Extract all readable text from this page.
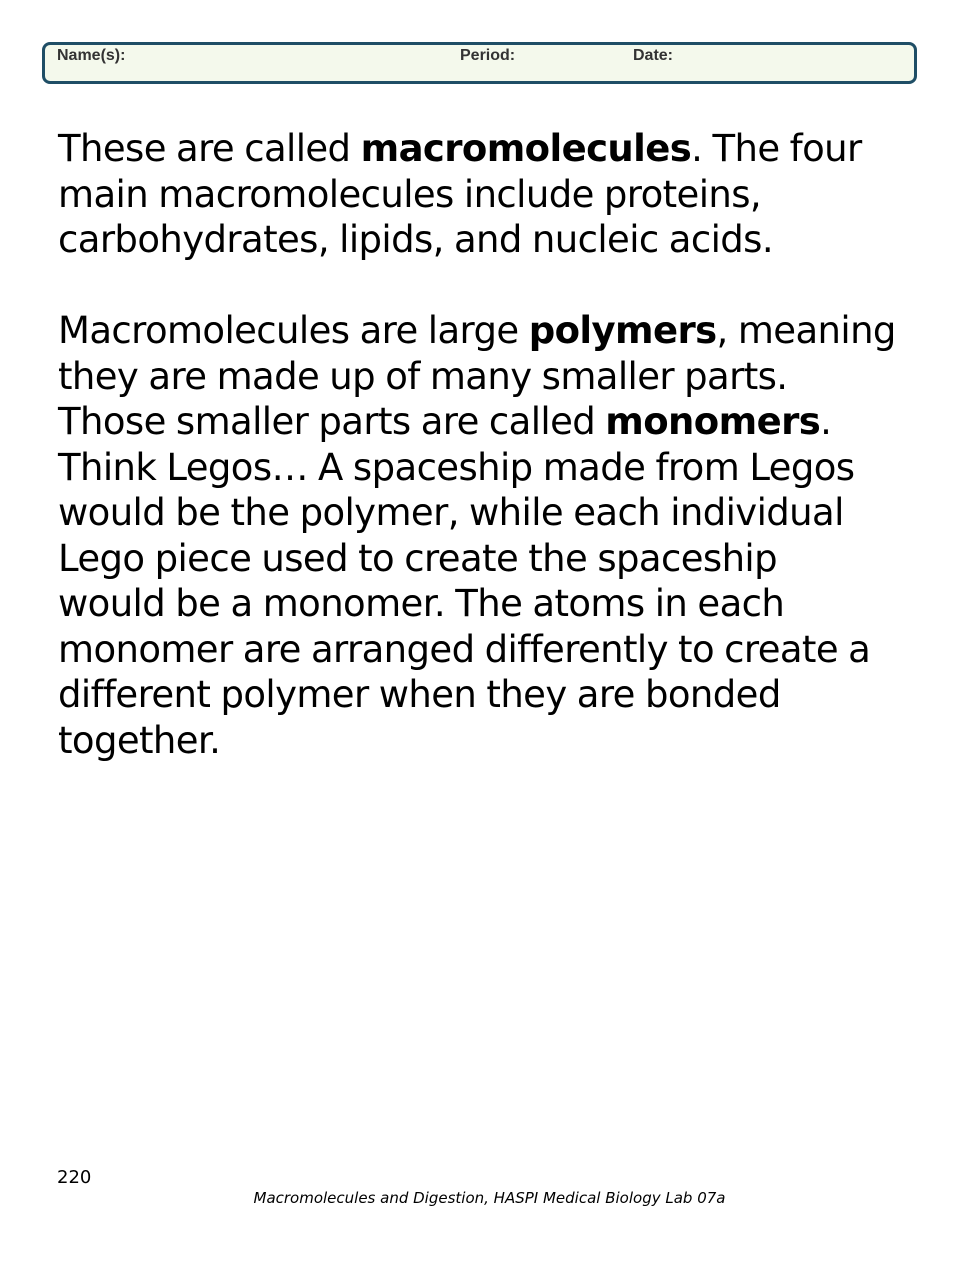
Name(s):	Period:	Date:

These are called macromolecules. The four
main macromolecules include proteins,
carbohydrates, lipids, and nucleic acids.

Macromolecules are large polymers, meaning
they are made up of many smaller parts.
Those smaller parts are called monomers.
Think Legos… A spaceship made from Legos
would be the polymer, while each individual
Lego piece used to create the spaceship
would be a monomer. The atoms in each
monomer are arranged differently to create a
different polymer when they are bonded
together.

220
Macromolecules and Digestion, HASPI Medical Biology Lab 07a
